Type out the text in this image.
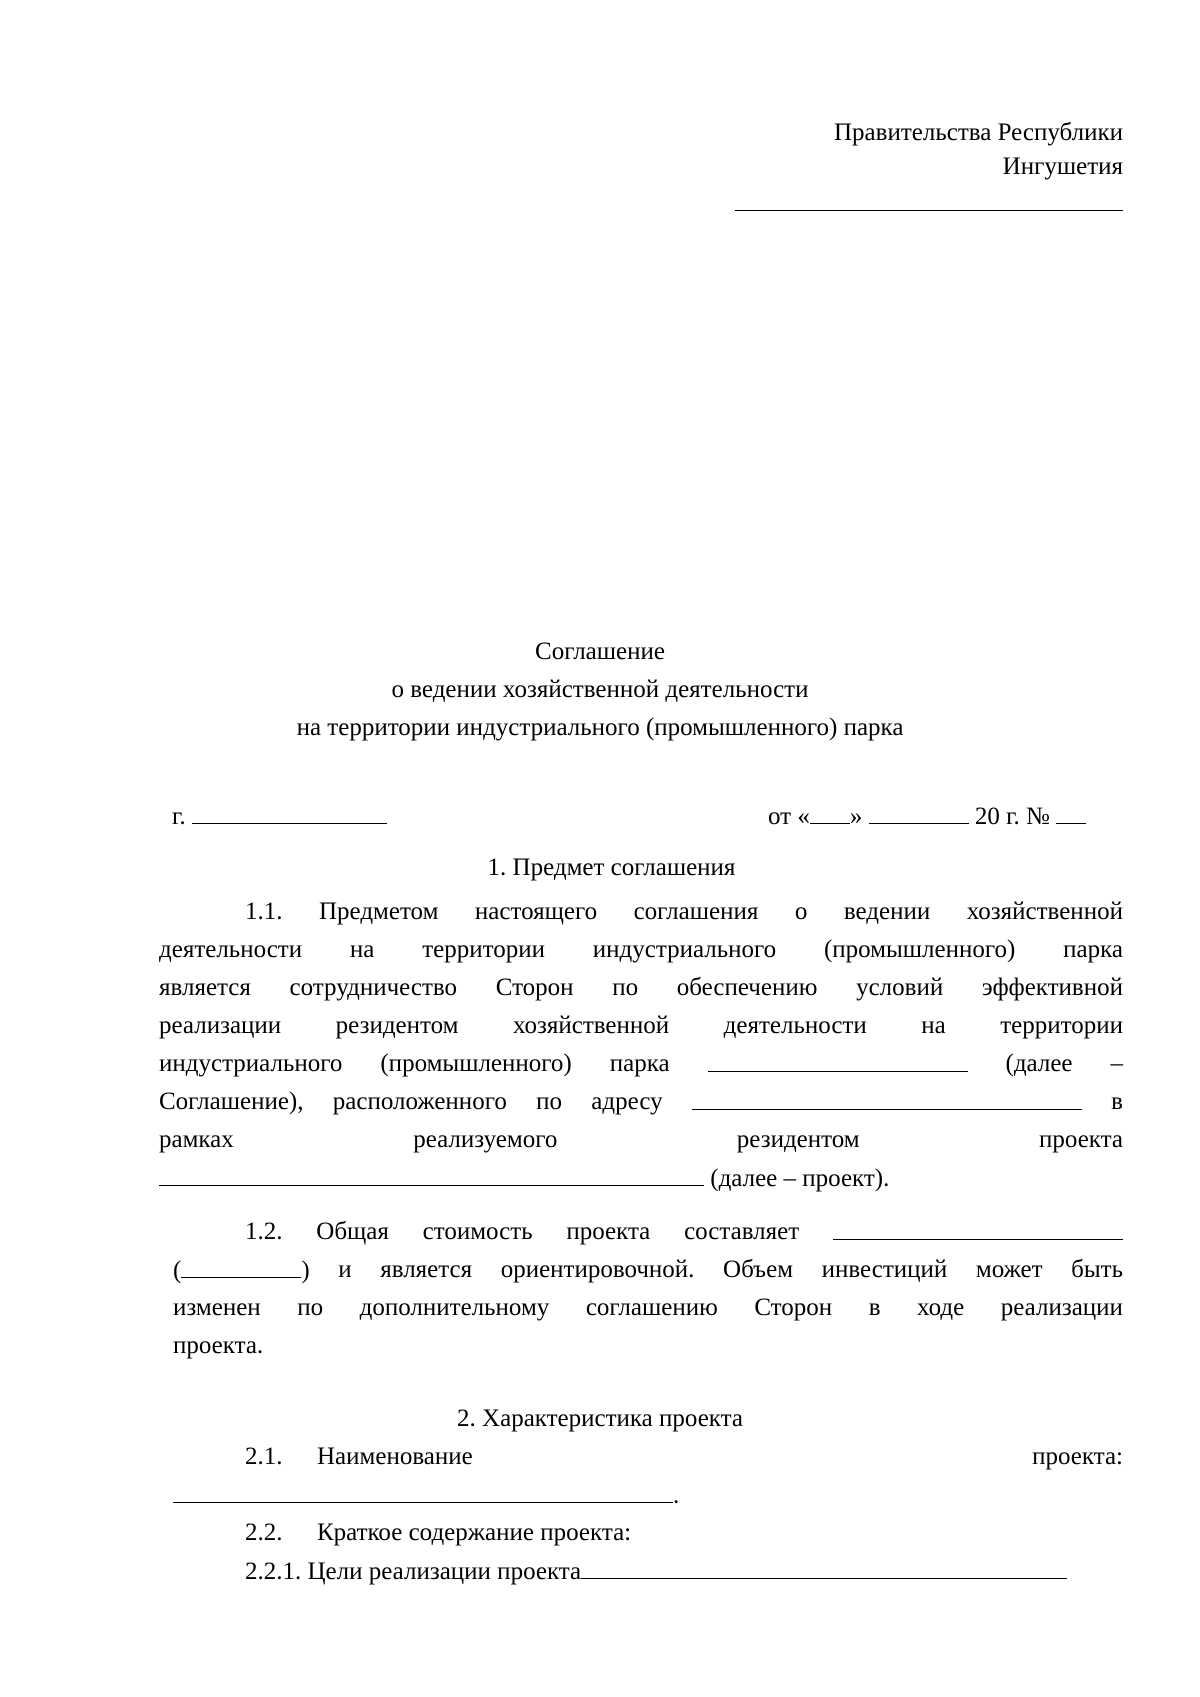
Правительства Республики
Ингушетия
Соглашение
о ведении хозяйственной деятельности
на территории индустриального (промышленного) парка
г.	от « »	20 г. №
1. Предмет соглашения
1.1. Предметом настоящего соглашения о ведении хозяйственной
деятельности на территории индустриального (промышленного) парка
является сотрудничество Сторон по обеспечению условий эффективной
реализации резидентом хозяйственной деятельности на территории
индустриального (промышленного) парка	(далее –
Соглашение), расположенного по адресу	в
рамках	реализуемого	резидентом	проекта
(далее – проект).
1.2. Общая стоимость проекта составляет
(	) и является ориентировочной. Объем инвестиций может быть
изменен по дополнительному соглашению Сторон в ходе реализации
проекта.
2. Характеристика проекта
2.1. Наименование	проекта:
.
2.2. Краткое содержание проекта:
2.2.1. Цели реализации проекта
